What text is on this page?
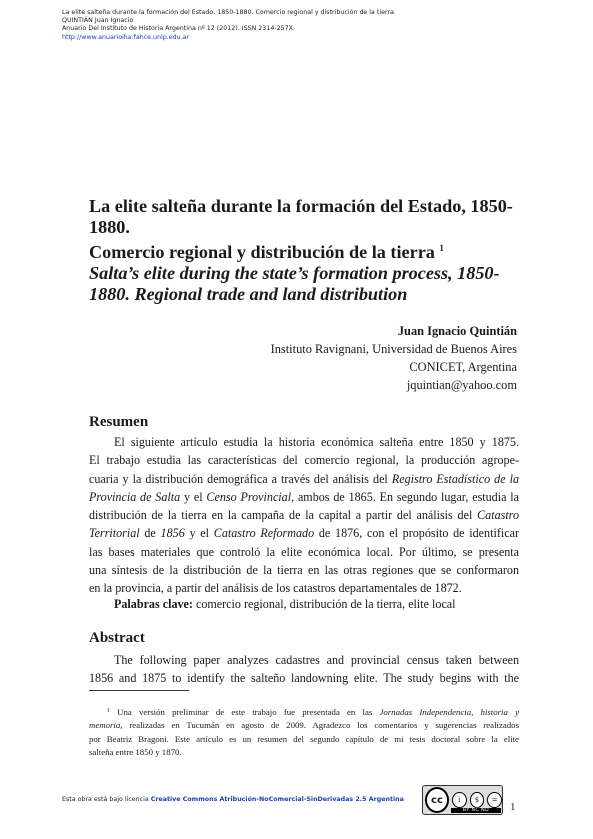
La elite salteña durante la formación del Estado, 1850-1880. Comercio regional y distribución de la tierra
QUINTIÁN Juan Ignacio
Anuario Del Instituto de Historia Argentina nº 12 (2012). ISSN 2314-257X.
http://www.anuarioiha.fahce.unlp.edu.ar
La elite salteña durante la formación del Estado, 1850-1880.
Comercio regional y distribución de la tierra $^1$
Salta’s elite during the state’s formation process, 1850-
1880. Regional trade and land distribution
Juan Ignacio Quintián
Instituto Ravignani, Universidad de Buenos Aires
CONICET, Argentina
jquintian@yahoo.com
Resumen
El siguiente artículo estudia la historia económica salteña entre 1850 y 1875.
El trabajo estudia las características del comercio regional, la producción agrope-
cuaria y la distribución demográfica a través del análisis del Registro Estadístico de la
Provincia de Salta y el Censo Provincial, ambos de 1865. En segundo lugar, estudia la
distribución de la tierra en la campaña de la capital a partir del análisis del Catastro
Territorial de 1856 y el Catastro Reformado de 1876, con el propósito de identificar
las bases materiales que controló la elite económica local. Por último, se presenta
una síntesis de la distribución de la tierra en las otras regiones que se conformaron
en la provincia, a partir del análisis de los catastros departamentales de 1872.
Palabras clave: comercio regional, distribución de la tierra, elite local
Abstract
The following paper analyzes cadastres and provincial census taken between
1856 and 1875 to identify the salteño landowning elite. The study begins with the
$^1$ Una versión preliminar de este trabajo fue presentada en las Jornadas Independencia, historia y
memoria, realizadas en Tucumán en agosto de 2009. Agradezco los comentarios y sugerencias realizados
por Beatriz Bragoni. Este artículo es un resumen del segundo capítulo de mi tesis doctoral sobre la elite
salteña entre 1850 y 1870.
Esta obra está bajo licencia Creative Commons Atribución-NoComercial-SinDerivadas 2.5 Argentina	cc	i	$	=
BY NC ND	1
